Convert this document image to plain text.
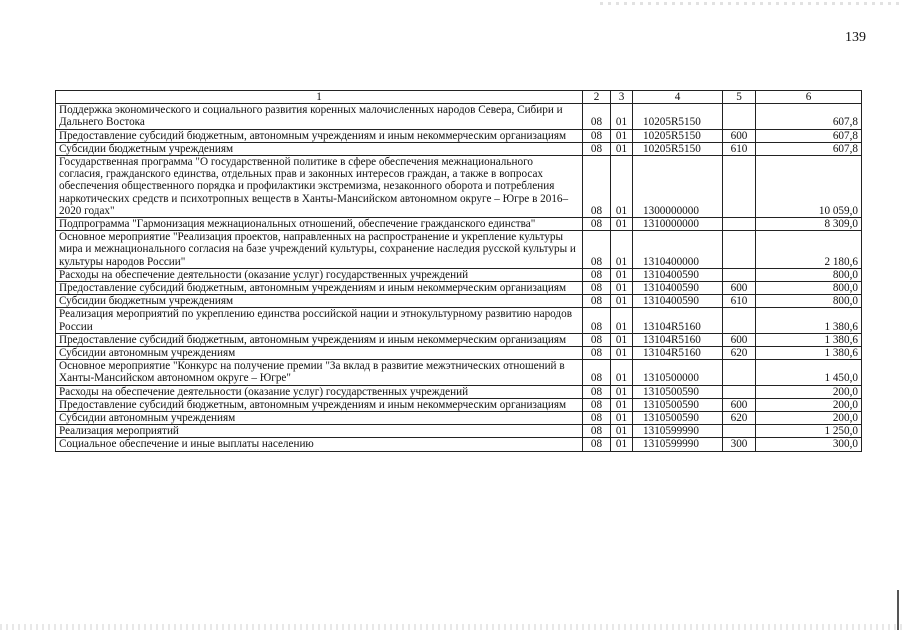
139
1	2	3	4	5	6
Поддержка экономического и социального развития коренных малочисленных народов Севера, Сибири и Дальнего Востока	08	01	10205R5150		607,8
Предоставление субсидий бюджетным, автономным учреждениям и иным некоммерческим организациям	08	01	10205R5150	600	607,8
Субсидии бюджетным учреждениям	08	01	10205R5150	610	607,8
Государственная программа "О государственной политике в сфере обеспечения межнационального согласия, гражданского единства, отдельных прав и законных интересов граждан, а также в вопросах обеспечения общественного порядка и профилактики экстремизма, незаконного оборота и потребления наркотических средств и психотропных веществ в Ханты-Мансийском автономном округе – Югре в 2016–2020 годах"	08	01	1300000000		10 059,0
Подпрограмма "Гармонизация межнациональных отношений, обеспечение гражданского единства"	08	01	1310000000		8 309,0
Основное мероприятие "Реализация проектов, направленных на распространение и укрепление культуры мира и межнационального согласия на базе учреждений культуры, сохранение наследия русской культуры и культуры народов России"	08	01	1310400000		2 180,6
Расходы на обеспечение деятельности (оказание услуг) государственных учреждений	08	01	1310400590		800,0
Предоставление субсидий бюджетным, автономным учреждениям и иным некоммерческим организациям	08	01	1310400590	600	800,0
Субсидии бюджетным учреждениям	08	01	1310400590	610	800,0
Реализация мероприятий по укреплению единства российской нации и этнокультурному развитию народов России	08	01	13104R5160		1 380,6
Предоставление субсидий бюджетным, автономным учреждениям и иным некоммерческим организациям	08	01	13104R5160	600	1 380,6
Субсидии автономным учреждениям	08	01	13104R5160	620	1 380,6
Основное мероприятие "Конкурс на получение премии "За вклад в развитие межэтнических отношений в Ханты-Мансийском автономном округе – Югре"	08	01	1310500000		1 450,0
Расходы на обеспечение деятельности (оказание услуг) государственных учреждений	08	01	1310500590		200,0
Предоставление субсидий бюджетным, автономным учреждениям и иным некоммерческим организациям	08	01	1310500590	600	200,0
Субсидии автономным учреждениям	08	01	1310500590	620	200,0
Реализация мероприятий	08	01	1310599990		1 250,0
Социальное обеспечение и иные выплаты населению	08	01	1310599990	300	300,0
